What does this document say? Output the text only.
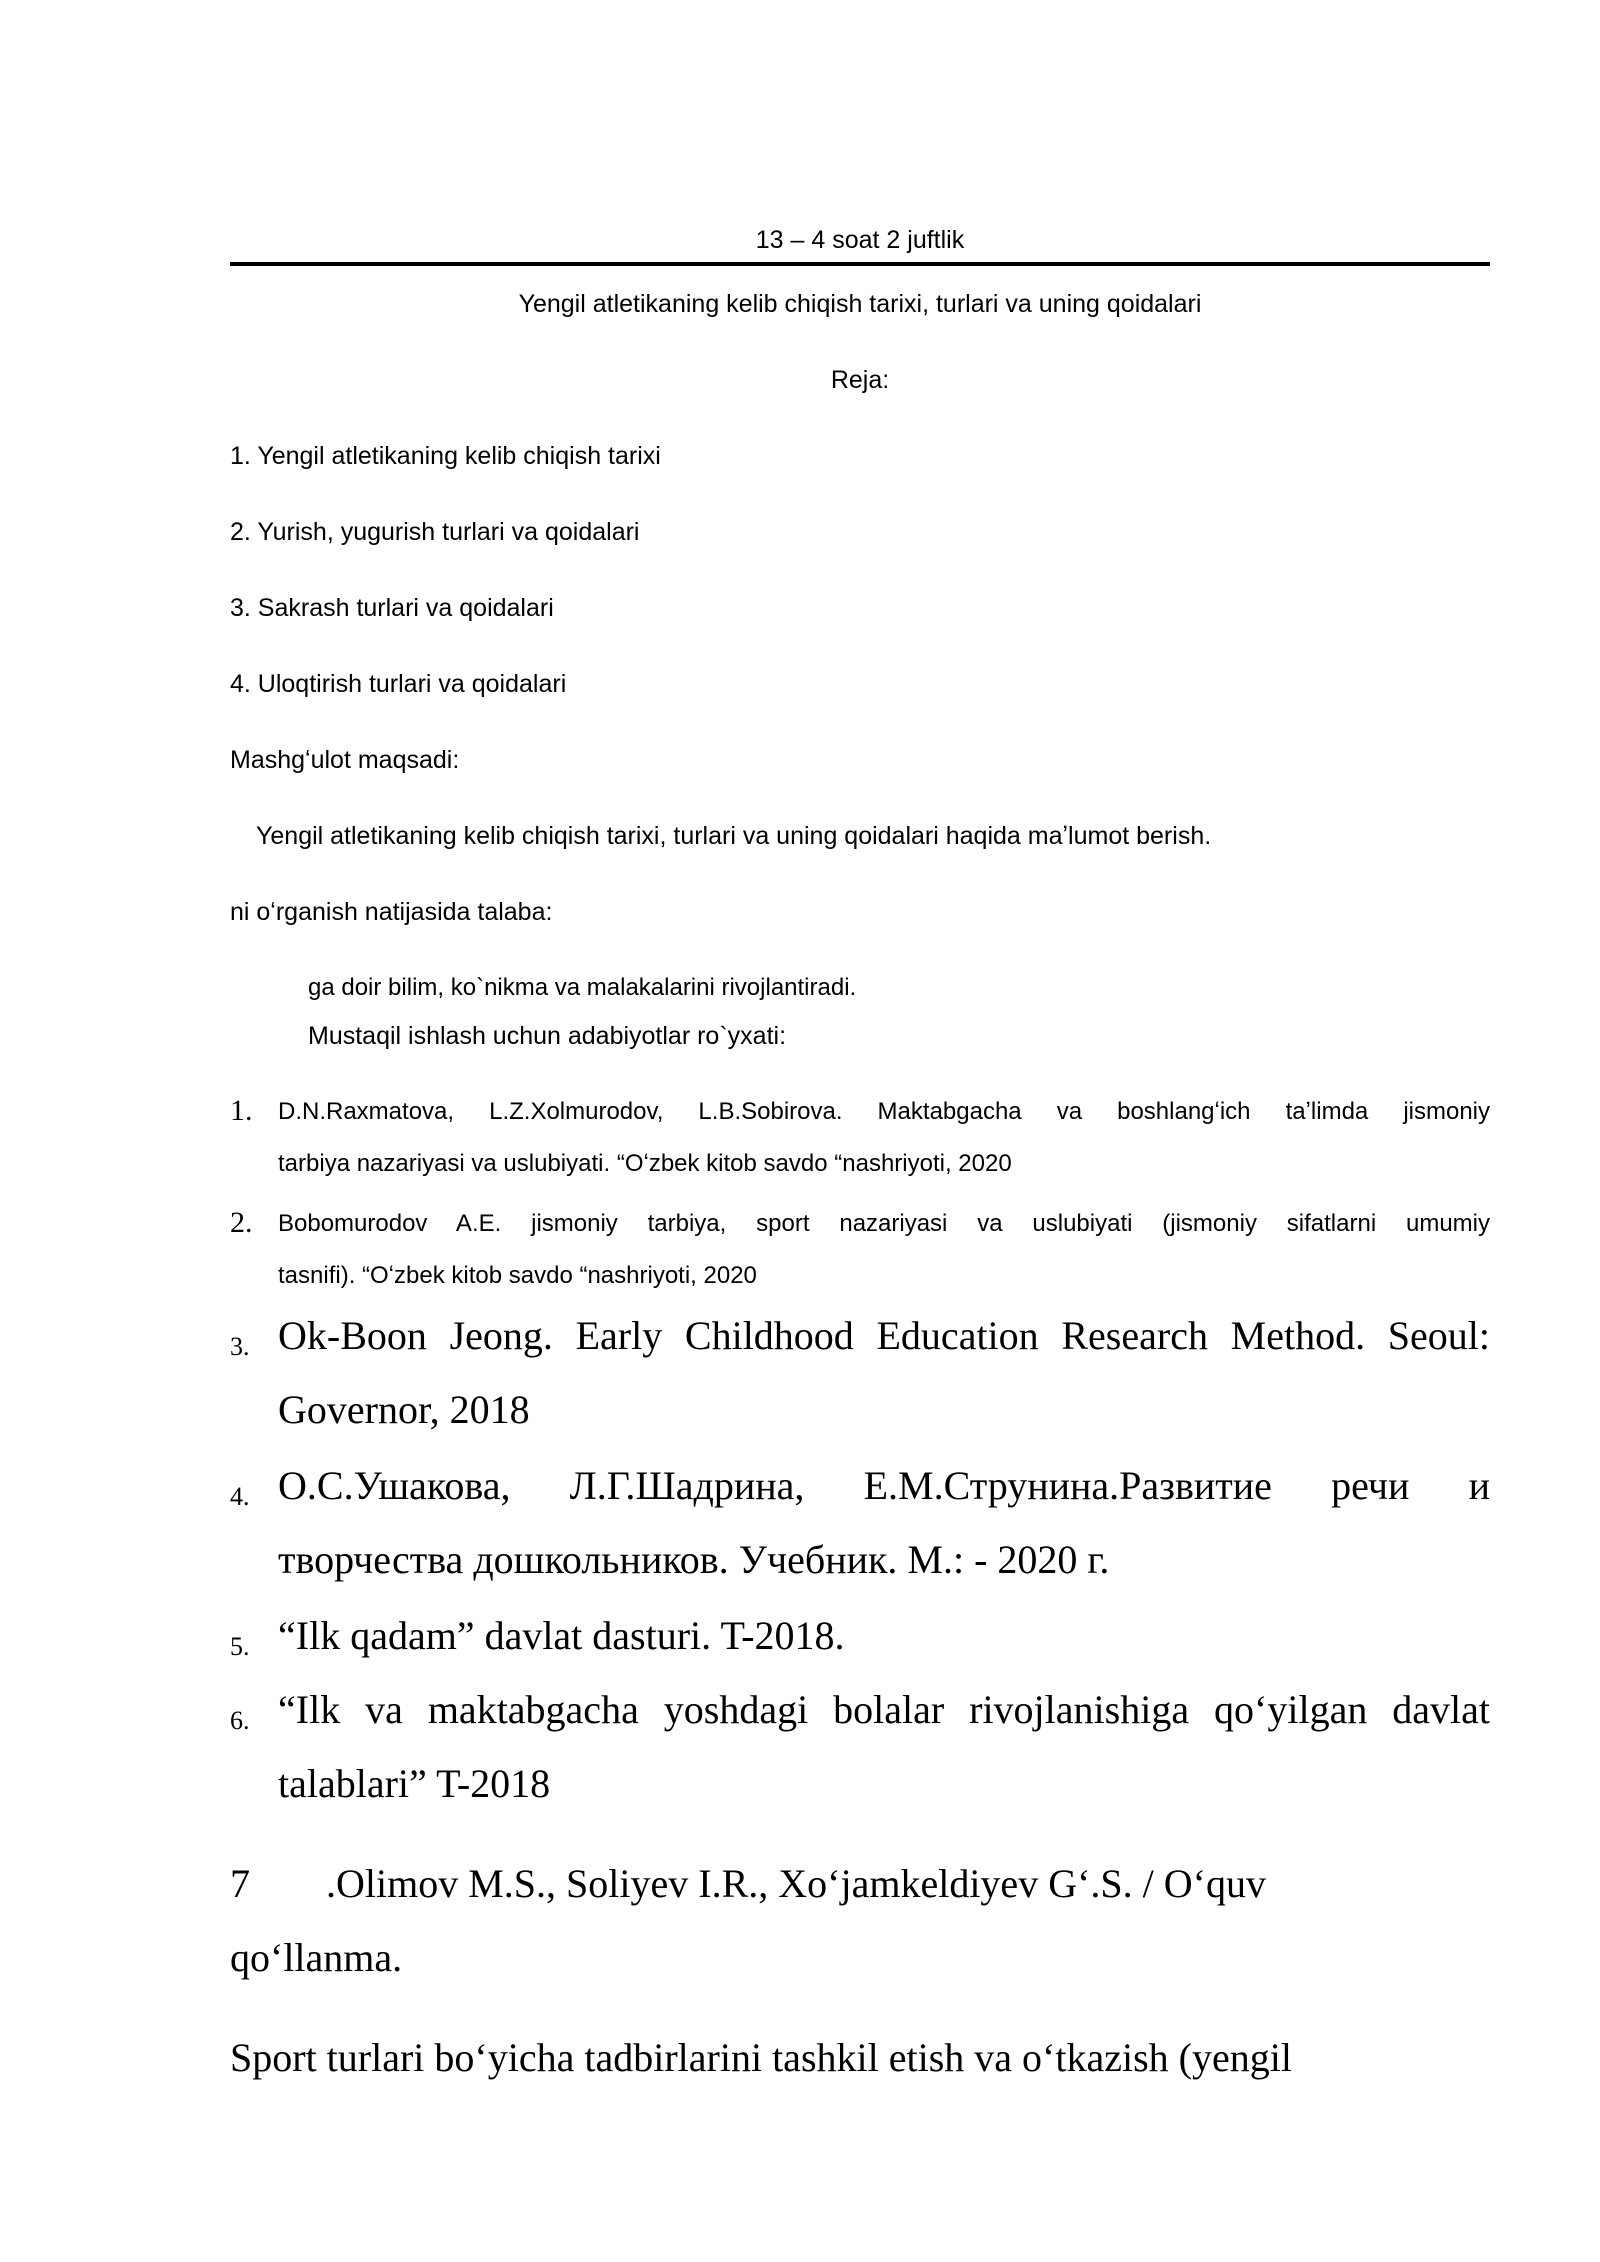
13 – 4 soat 2 juftlik
Yengil atletikaning kelib chiqish tarixi, turlari va uning qoidalari
Reja:
1. Yengil atletikaning kelib chiqish tarixi
2. Yurish, yugurish turlari va qoidalari
3. Sakrash turlari va qoidalari
4. Uloqtirish turlari va qoidalari
Mashgʻulot maqsadi:
Yengil atletikaning kelib chiqish tarixi, turlari va uning qoidalari haqida maʼlumot berish.
ni oʻrganish natijasida talaba:
ga doir bilim, ko`nikma va malakalarini rivojlantiradi.
Mustaqil ishlash uchun adabiyotlar ro`yxati:
1. D.N.Raxmatova, L.Z.Xolmurodov, L.B.Sobirova. Maktabgacha va boshlangʻich taʼlimda jismoniy
tarbiya nazariyasi va uslubiyati. “Oʻzbek kitob savdo “nashriyoti, 2020
2. Bobomurodov A.E. jismoniy tarbiya, sport nazariyasi va uslubiyati (jismoniy sifatlarni umumiy
tasnifi). “Oʻzbek kitob savdo “nashriyoti, 2020
3. Ok-Boon Jeong. Early Childhood Education Research Method. Seoul:
Governor, 2018
4. О.С.Ушакова, Л.Г.Шадрина, Е.М.Струнина.Развитие речи и
творчества дошкольников. Учебник. М.: - 2020 г.
5. “Ilk qadam” davlat dasturi. T-2018.
6. “Ilk va maktabgacha yoshdagi bolalar rivojlanishiga qoʻyilgan davlat
talablari” T-2018
7 .Olimov M.S., Soliyev I.R., Xoʻjamkeldiyev Gʻ.S. / Oʻquv
qoʻllanma.
Sport turlari boʻyicha tadbirlarini tashkil etish va oʻtkazish (yengil
